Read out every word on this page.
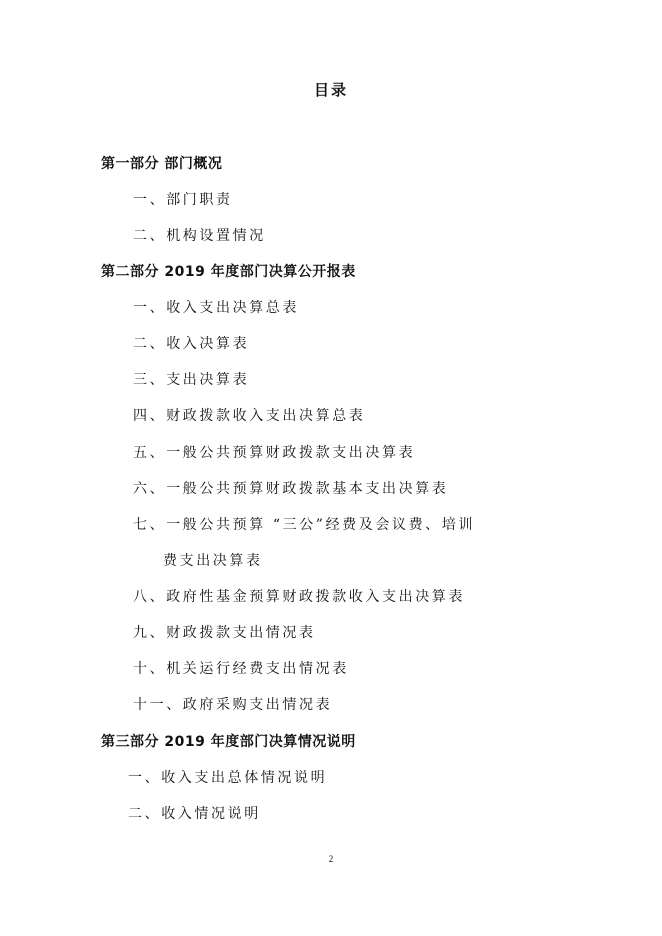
目录
第一部分 部门概况
一、部门职责
二、机构设置情况
第二部分 2019 年度部门决算公开报表
一、收入支出决算总表
二、收入决算表
三、支出决算表
四、财政拨款收入支出决算总表
五、一般公共预算财政拨款支出决算表
六、一般公共预算财政拨款基本支出决算表
七、一般公共预算 “三公”经费及会议费、培训
费支出决算表
八、政府性基金预算财政拨款收入支出决算表
九、财政拨款支出情况表
十、机关运行经费支出情况表
十一、政府采购支出情况表
第三部分 2019 年度部门决算情况说明
一、收入支出总体情况说明
二、收入情况说明
2
